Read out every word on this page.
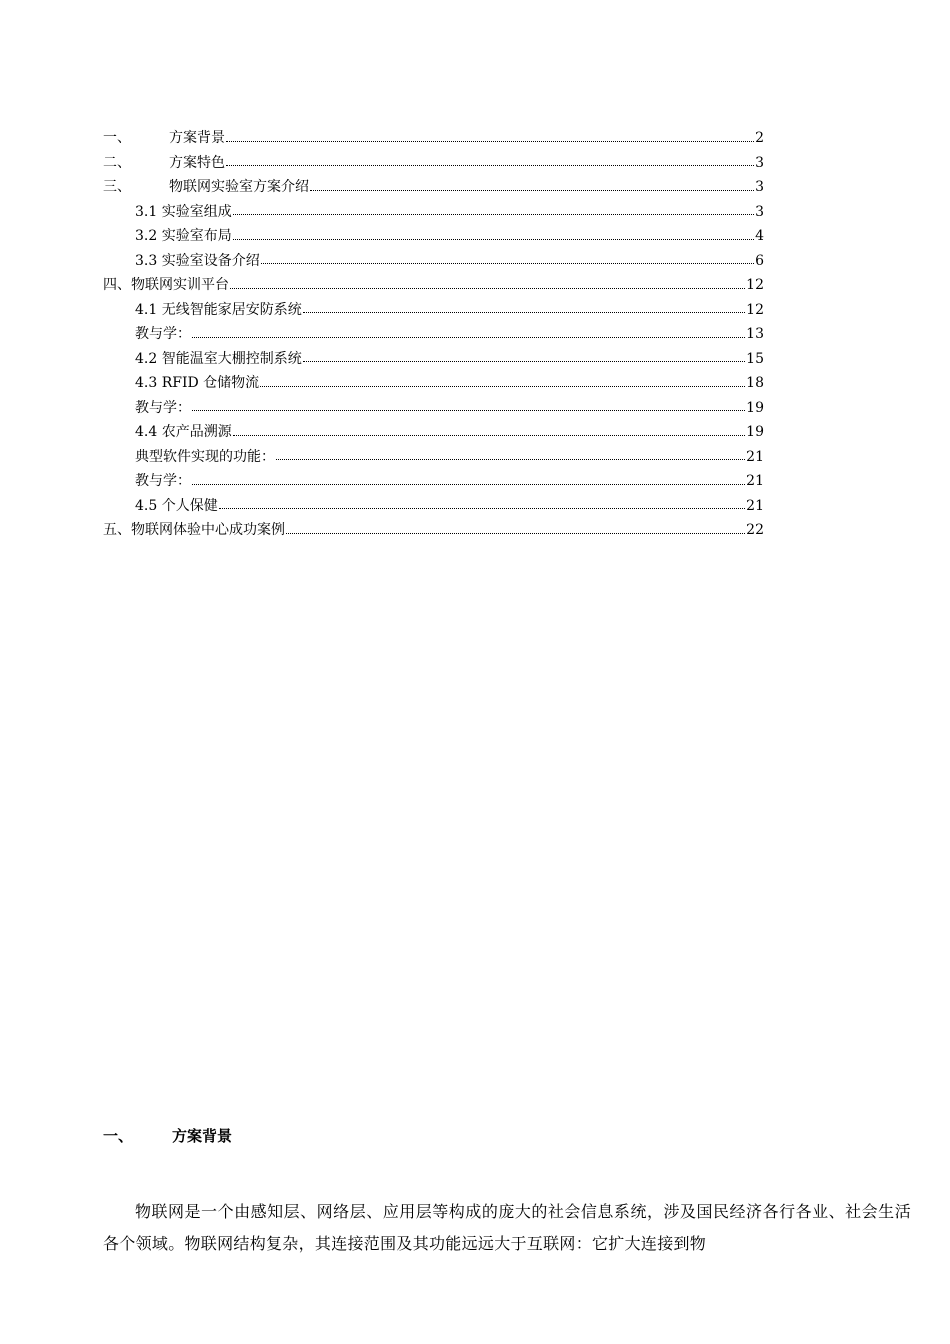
一、	方案背景	2
二、	方案特色	3
三、	物联网实验室方案介绍	3
3.1 实验室组成	3
3.2 实验室布局	4
3.3 实验室设备介绍	6
四、物联网实训平台	12
4.1 无线智能家居安防系统	12
教与学：	13
4.2 智能温室大棚控制系统	15
4.3 RFID 仓储物流	18
教与学：	19
4.4 农产品溯源	19
典型软件实现的功能：	21
教与学：	21
4.5 个人保健	21
五、物联网体验中心成功案例	22
一、	方案背景
物联网是一个由感知层、网络层、应用层等构成的庞大的社会信息系统，涉及国民经济各行各业、社会生活各个领域。物联网结构复杂，其连接范围及其功能远远大于互联网：它扩大连接到物
